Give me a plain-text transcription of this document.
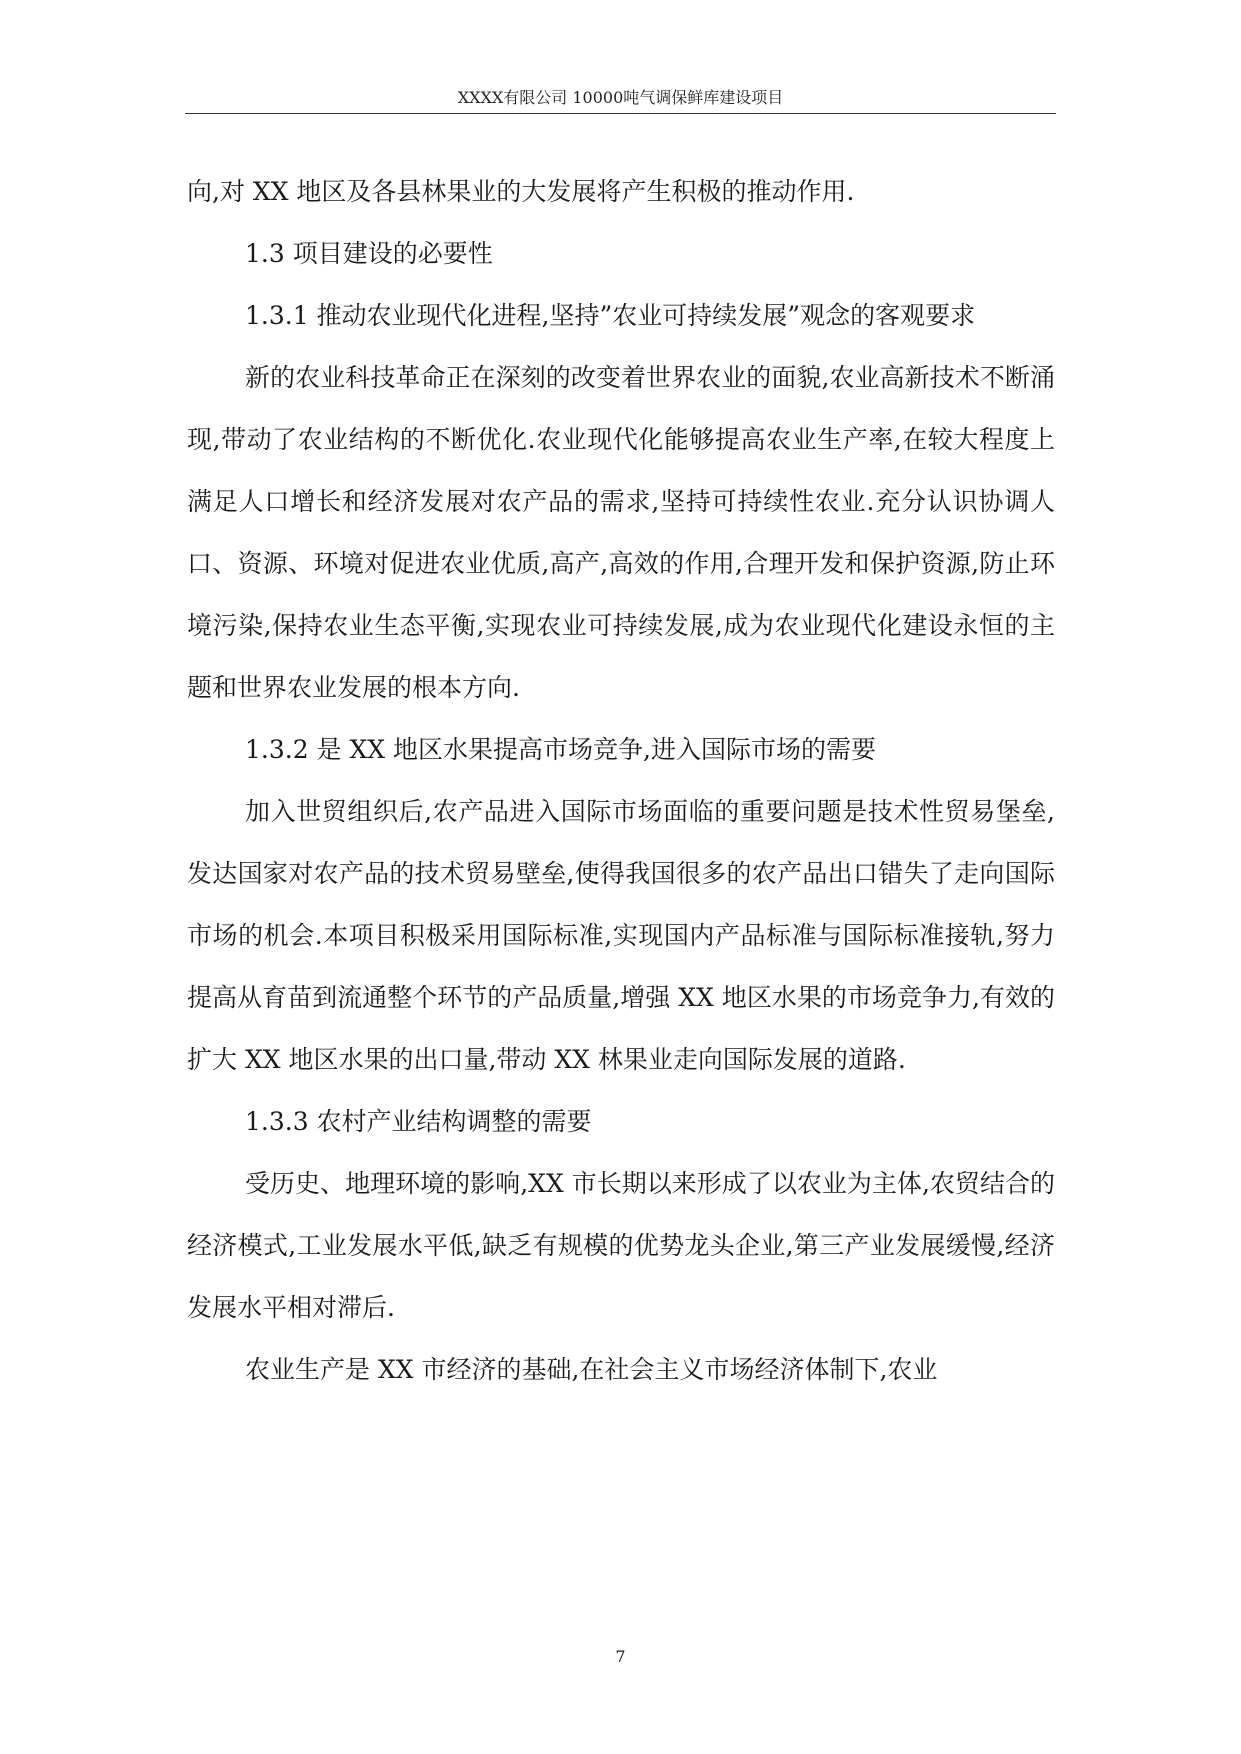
XXXX有限公司 10000吨气调保鲜库建设项目

向,对 XX 地区及各县林果业的大发展将产生积极的推动作用.

1.3 项目建设的必要性

1.3.1 推动农业现代化进程,坚持”农业可持续发展”观念的客观要求

新的农业科技革命正在深刻的改变着世界农业的面貌,农业高新技术不断涌现,带动了农业结构的不断优化.农业现代化能够提高农业生产率,在较大程度上满足人口增长和经济发展对农产品的需求,坚持可持续性农业.充分认识协调人口、资源、环境对促进农业优质,高产,高效的作用,合理开发和保护资源,防止环境污染,保持农业生态平衡,实现农业可持续发展,成为农业现代化建设永恒的主题和世界农业发展的根本方向.

1.3.2 是 XX 地区水果提高市场竞争,进入国际市场的需要

加入世贸组织后,农产品进入国际市场面临的重要问题是技术性贸易堡垒,发达国家对农产品的技术贸易壁垒,使得我国很多的农产品出口错失了走向国际市场的机会.本项目积极采用国际标准,实现国内产品标准与国际标准接轨,努力提高从育苗到流通整个环节的产品质量,增强 XX 地区水果的市场竞争力,有效的扩大 XX 地区水果的出口量,带动 XX 林果业走向国际发展的道路.

1.3.3 农村产业结构调整的需要

受历史、地理环境的影响,XX 市长期以来形成了以农业为主体,农贸结合的经济模式,工业发展水平低,缺乏有规模的优势龙头企业,第三产业发展缓慢,经济发展水平相对滞后.

农业生产是 XX 市经济的基础,在社会主义市场经济体制下,农业

7
